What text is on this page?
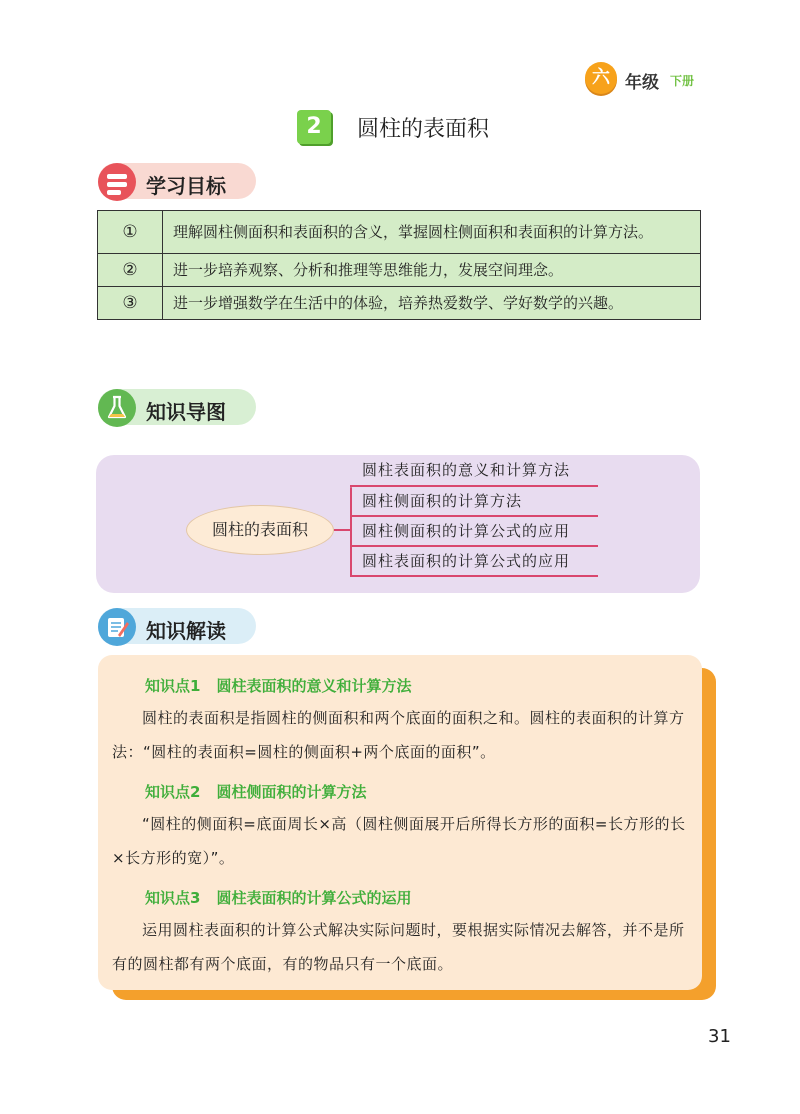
六 年级 下册
2	圆柱的表面积
学习目标
①	理解圆柱侧面积和表面积的含义，掌握圆柱侧面积和表面积的计算方法。
②	进一步培养观察、分析和推理等思维能力，发展空间理念。
③	进一步增强数学在生活中的体验，培养热爱数学、学好数学的兴趣。
知识导图
圆柱的表面积
圆柱表面积的意义和计算方法
圆柱侧面积的计算方法
圆柱侧面积的计算公式的应用
圆柱表面积的计算公式的应用
知识解读
知识点1 圆柱表面积的意义和计算方法
圆柱的表面积是指圆柱的侧面积和两个底面的面积之和。圆柱的表面积的计算方法：“圆柱的表面积=圆柱的侧面积+两个底面的面积”。
知识点2 圆柱侧面积的计算方法
“圆柱的侧面积=底面周长×高（圆柱侧面展开后所得长方形的面积=长方形的长×长方形的宽）”。
知识点3 圆柱表面积的计算公式的运用
运用圆柱表面积的计算公式解决实际问题时，要根据实际情况去解答，并不是所有的圆柱都有两个底面，有的物品只有一个底面。
31
